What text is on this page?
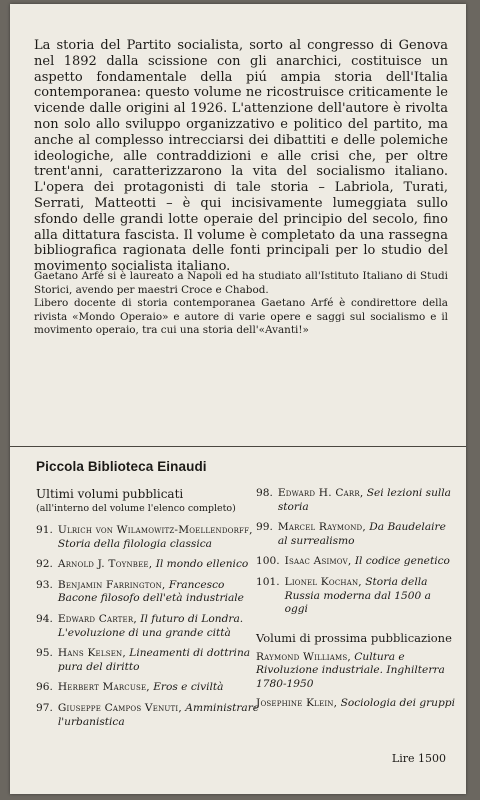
La storia del Partito socialista, sorto al congresso di Genova nel 1892 dalla scissione con gli anarchici, costituisce un aspetto fondamentale della piú ampia storia dell'Italia contemporanea: questo volume ne ricostruisce criticamente le vicende dalle origini al 1926. L'attenzione dell'autore è rivolta non solo allo sviluppo organizzativo e politico del partito, ma anche al complesso intrecciarsi dei dibattiti e delle polemiche ideologiche, alle contraddizioni e alle crisi che, per oltre trent'anni, caratterizzarono la vita del socialismo italiano. L'opera dei protagonisti di tale storia – Labriola, Turati, Serrati, Matteotti – è qui incisivamente lumeggiata sullo sfondo delle grandi lotte operaie del principio del secolo, fino alla dittatura fascista. Il volume è completato da una rassegna bibliografica ragionata delle fonti principali per lo studio del movimento socialista italiano.

Gaetano Arfé si è laureato a Napoli ed ha studiato all'Istituto Italiano di Studi Storici, avendo per maestri Croce e Chabod.

Libero docente di storia contemporanea Gaetano Arfé è condirettore della rivista «Mondo Operaio» e autore di varie opere e saggi sul socialismo e il movimento operaio, tra cui una storia dell'«Avanti!»

Piccola Biblioteca Einaudi

Ultimi volumi pubblicati

(all'interno del volume l'elenco completo)

91. Ulrich von Wilamowitz-Moellendorff, Storia della filologia classica
92. Arnold J. Toynbee, Il mondo ellenico
93. Benjamin Farrington, Francesco Bacone filosofo dell'età industriale
94. Edward Carter, Il futuro di Londra. L'evoluzione di una grande città
95. Hans Kelsen, Lineamenti di dottrina pura del diritto
96. Herbert Marcuse, Eros e civiltà
97. Giuseppe Campos Venuti, Amministrare l'urbanistica
98. Edward H. Carr, Sei lezioni sulla storia
99. Marcel Raymond, Da Baudelaire al surrealismo
100. Isaac Asimov, Il codice genetico
101. Lionel Kochan, Storia della Russia moderna dal 1500 a oggi

Volumi di prossima pubblicazione

Raymond Williams, Cultura e Rivoluzione industriale. Inghilterra 1780-1950
Josephine Klein, Sociologia dei gruppi
Lire 1500
